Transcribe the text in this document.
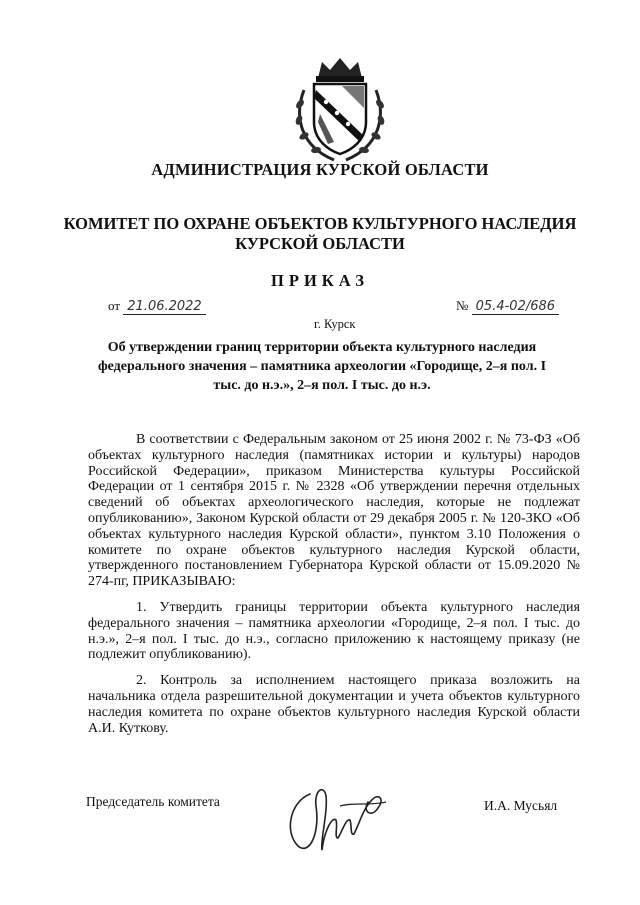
АДМИНИСТРАЦИЯ КУРСКОЙ ОБЛАСТИ
КОМИТЕТ ПО ОХРАНЕ ОБЪЕКТОВ КУЛЬТУРНОГО НАСЛЕДИЯ КУРСКОЙ ОБЛАСТИ
ПРИКАЗ
от 21.06.2022	№ 05.4-02/686
г. Курск
Об утверждении границ территории объекта культурного наследия федерального значения – памятника археологии «Городище, 2–я пол. I тыс. до н.э.», 2–я пол. I тыс. до н.э.

В соответствии с Федеральным законом от 25 июня 2002 г. № 73-ФЗ «Об объектах культурного наследия (памятниках истории и культуры) народов Российской Федерации», приказом Министерства культуры Российской Федерации от 1 сентября 2015 г. № 2328 «Об утверждении перечня отдельных сведений об объектах археологического наследия, которые не подлежат опубликованию», Законом Курской области от 29 декабря 2005 г. № 120-ЗКО «Об объектах культурного наследия Курской области», пунктом 3.10 Положения о комитете по охране объектов культурного наследия Курской области, утвержденного постановлением Губернатора Курской области от 15.09.2020 № 274-пг, ПРИКАЗЫВАЮ:

1. Утвердить границы территории объекта культурного наследия федерального значения – памятника археологии «Городище, 2–я пол. I тыс. до н.э.», 2–я пол. I тыс. до н.э., согласно приложению к настоящему приказу (не подлежит опубликованию).

2. Контроль за исполнением настоящего приказа возложить на начальника отдела разрешительной документации и учета объектов культурного наследия комитета по охране объектов культурного наследия Курской области А.И. Куткову.

Председатель комитета	И.А. Мусьял
